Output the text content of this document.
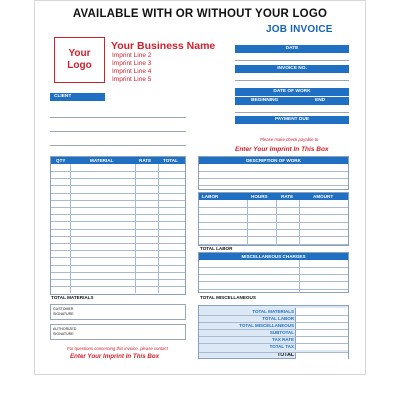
AVAILABLE WITH OR WITHOUT YOUR LOGO
Your
Logo
Your Business Name
Imprint Line 2
Imprint Line 3
Imprint Line 4
Imprint Line 5
JOB INVOICE
DATE
INVOICE NO.
DATE OF WORK
BEGINNING	END
PAYMENT DUE
CLIENT
Please make check payable to
Enter Your Imprint In This Box
QTY	MATERIAL	RATE	TOTAL
TOTAL MATERIALS
DESCRIPTION OF WORK
LABOR	HOURS	RATE	AMOUNT
TOTAL LABOR
MISCELLANEOUS CHARGES
TOTAL MISCELLANEOUS
CUSTOMER
SIGNATURE
AUTHORIZED
SIGNATURE
For questions concerning this invoice, please contact
Enter Your Imprint In This Box
TOTAL MATERIALS
TOTAL LABOR
TOTAL MISCELLANEOUS
SUBTOTAL
TAX RATE
TOTAL TAX
TOTAL
